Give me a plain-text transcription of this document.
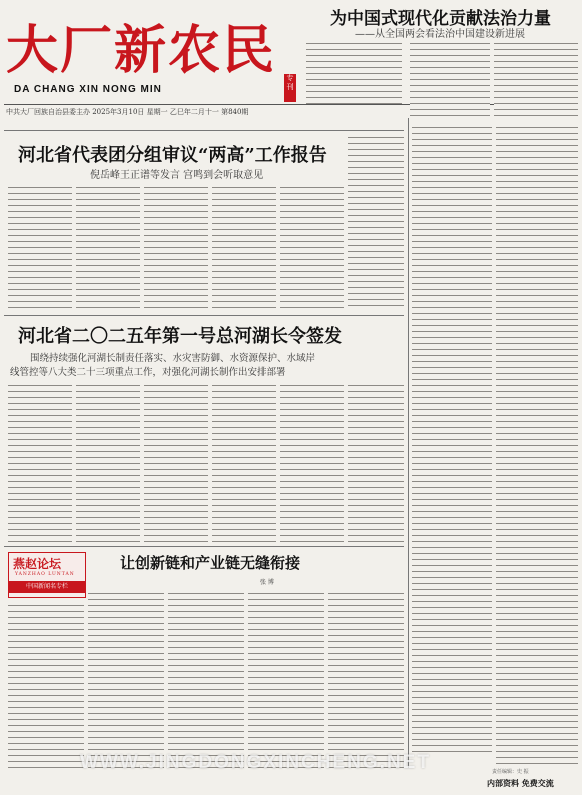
大厂新农民
DA CHANG XIN NONG MIN
专刊
为中国式现代化贡献法治力量
——从全国两会看法治中国建设新进展
中共大厂回族自治县委主办 2025年3月10日 星期一 乙巳年二月十一 第840期
河北省代表团分组审议“两高”工作报告
倪岳峰王正谱等发言 宫鸣到会听取意见
河北省二〇二五年第一号总河湖长令签发
围绕持续强化河湖长制责任落实、水灾害防御、水资源保护、水域岸
线管控等八大类二十三项重点工作，对强化河湖长制作出安排部署
燕赵论坛
YANZHAO LUNTAN
中国新闻名专栏
让创新链和产业链无缝衔接
张 博
WWW.JINGDONGXINCHENG.NET	责任编辑：史 振
内部资料 免费交流
